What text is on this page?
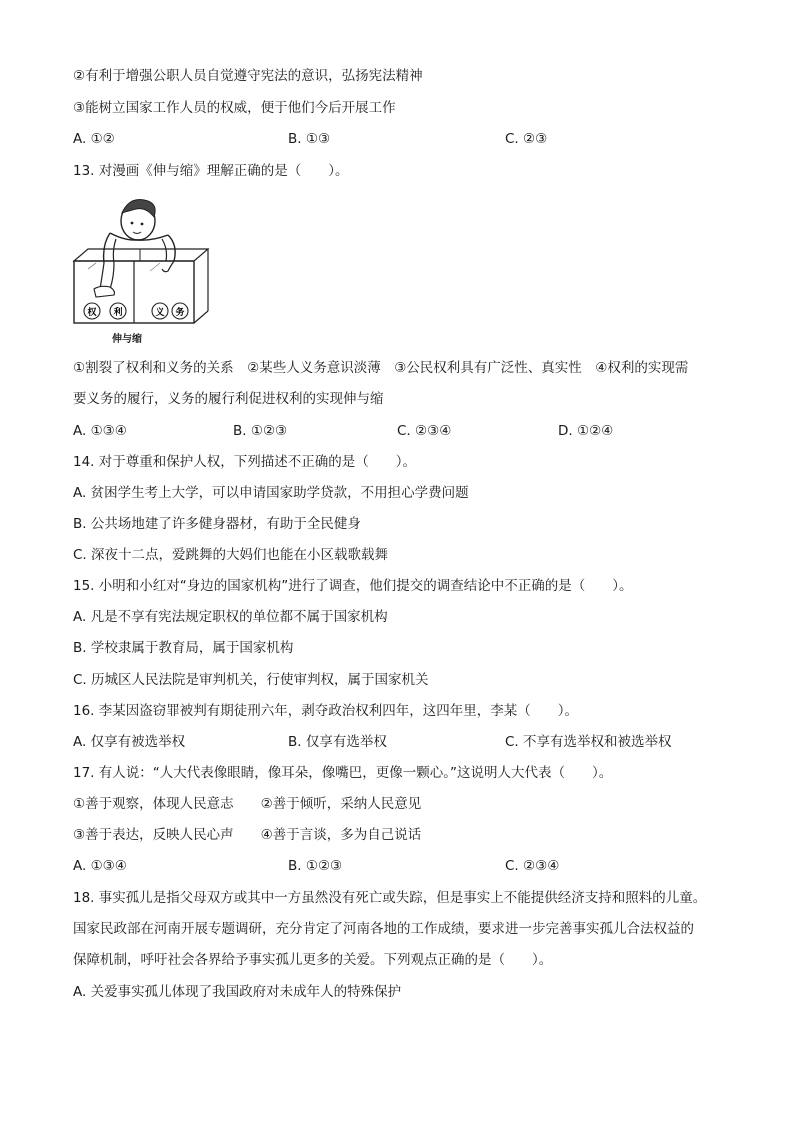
②有利于增强公职人员自觉遵守宪法的意识，弘扬宪法精神
③能树立国家工作人员的权威，便于他们今后开展工作
A. ①②	B. ①③	C. ②③
13. 对漫画《伸与缩》理解正确的是（　　）。
权 利	义 务
伸与缩
①割裂了权利和义务的关系　②某些人义务意识淡薄　③公民权利具有广泛性、真实性　④权利的实现需
要义务的履行，义务的履行利促进权利的实现伸与缩
A. ①③④	B. ①②③	C. ②③④	D. ①②④
14. 对于尊重和保护人权，下列描述不正确的是（　　）。
A. 贫困学生考上大学，可以申请国家助学贷款，不用担心学费问题
B. 公共场地建了许多健身器材，有助于全民健身
C. 深夜十二点，爱跳舞的大妈们也能在小区载歌载舞
15. 小明和小红对“身边的国家机构”进行了调查，他们提交的调查结论中不正确的是（　　）。
A. 凡是不享有宪法规定职权的单位都不属于国家机构
B. 学校隶属于教育局，属于国家机构
C. 历城区人民法院是审判机关，行使审判权，属于国家机关
16. 李某因盗窃罪被判有期徒刑六年，剥夺政治权利四年，这四年里，李某（　　）。
A. 仅享有被选举权	B. 仅享有选举权	C. 不享有选举权和被选举权
17. 有人说：“人大代表像眼睛，像耳朵，像嘴巴，更像一颗心。”这说明人大代表（　　）。
①善于观察，体现人民意志　　②善于倾听，采纳人民意见
③善于表达，反映人民心声　　④善于言谈，多为自己说话
A. ①③④	B. ①②③	C. ②③④
18. 事实孤儿是指父母双方或其中一方虽然没有死亡或失踪，但是事实上不能提供经济支持和照料的儿童。
国家民政部在河南开展专题调研，充分肯定了河南各地的工作成绩，要求进一步完善事实孤儿合法权益的
保障机制，呼吁社会各界给予事实孤儿更多的关爱。下列观点正确的是（　　）。
A. 关爱事实孤儿体现了我国政府对未成年人的特殊保护
